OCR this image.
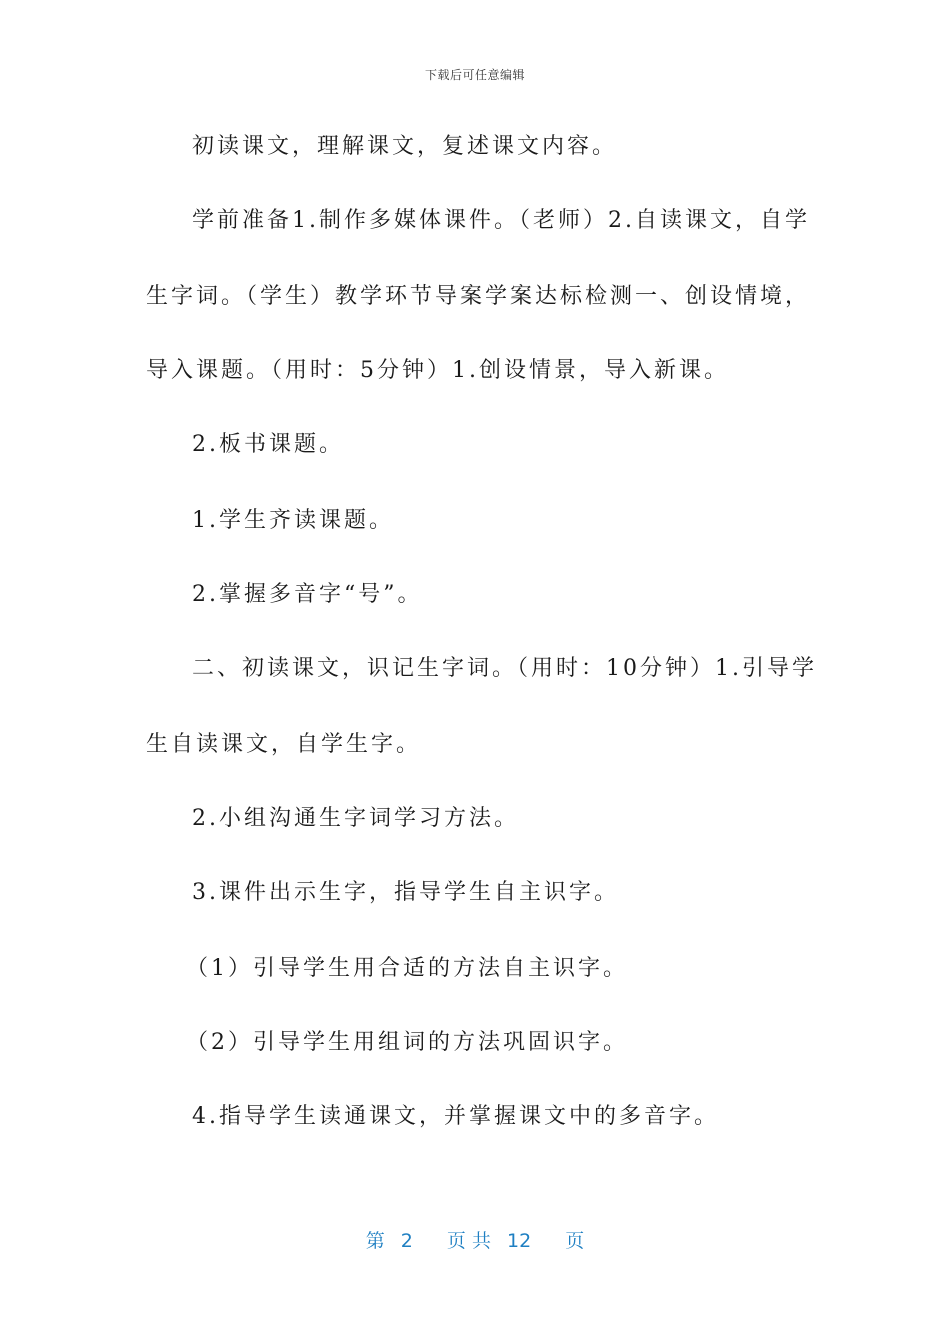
下载后可任意编辑
初读课文，理解课文，复述课文内容。
学前准备1.制作多媒体课件。（老师）2.自读课文，自学
生字词。（学生）教学环节导案学案达标检测一、创设情境，
导入课题。（用时：5分钟）1.创设情景，导入新课。
2.板书课题。
1.学生齐读课题。
2.掌握多音字“号”。
二、初读课文，识记生字词。（用时：10分钟）1.引导学
生自读课文，自学生字。
2.小组沟通生字词学习方法。
3.课件出示生字，指导学生自主识字。
（1）引导学生用合适的方法自主识字。
（2）引导学生用组词的方法巩固识字。
4.指导学生读通课文，并掌握课文中的多音字。
第 2 页 共 12 页
